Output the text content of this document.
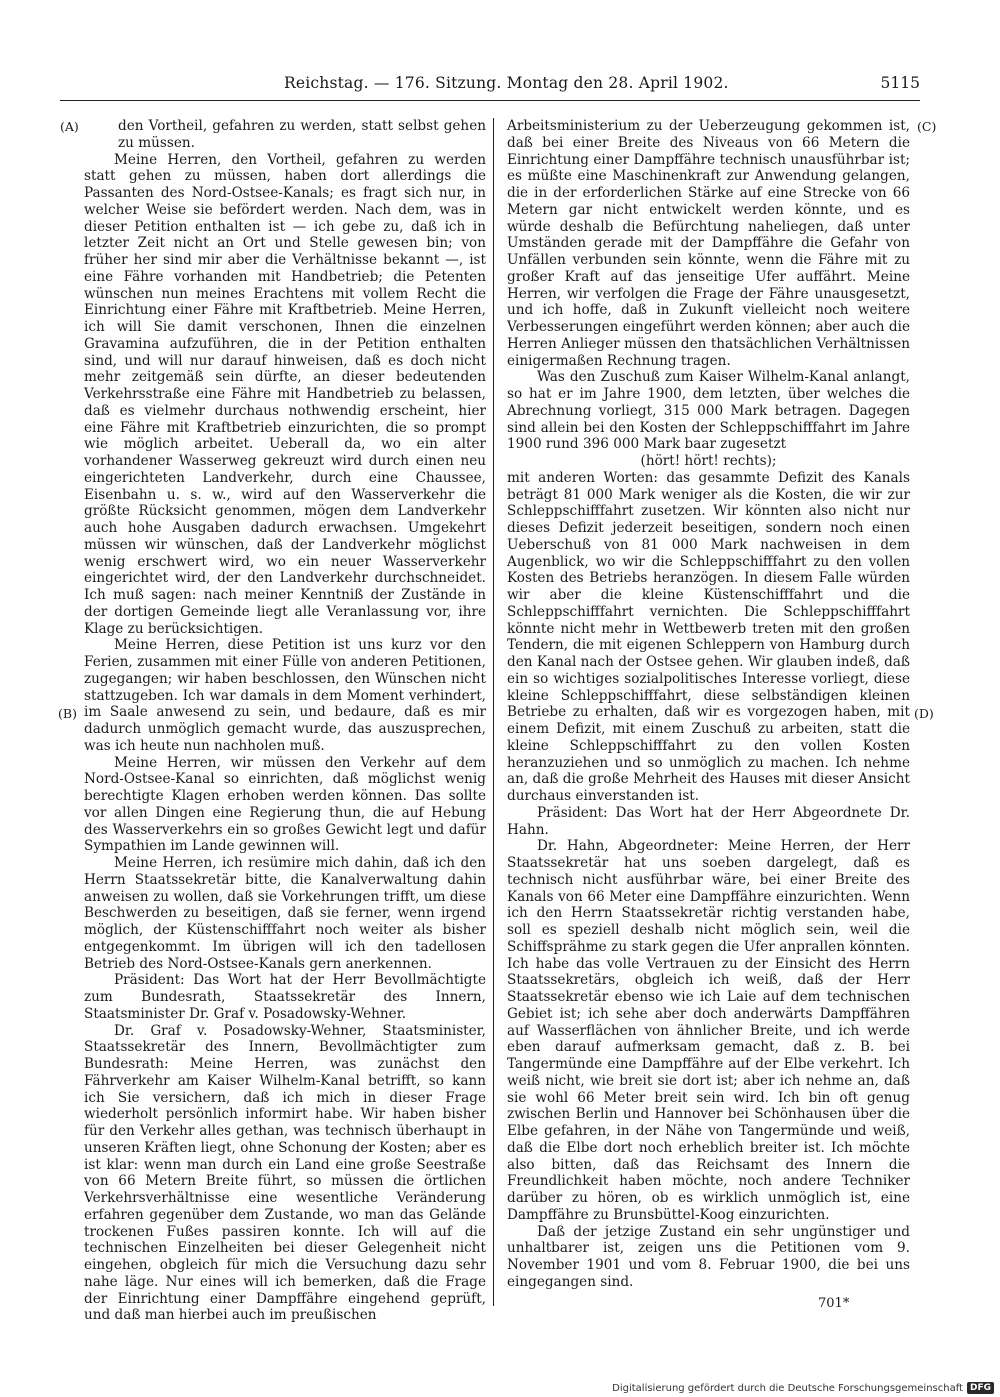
Reichstag. — 176. Sitzung. Montag den 28. April 1902.	5115
(A)
(B)
(C)
(D)

den Vortheil, gefahren zu werden, statt selbst gehen zu müssen.

Meine Herren, den Vortheil, gefahren zu werden statt gehen zu müssen, haben dort allerdings die Passanten des Nord-Ostsee-Kanals; es fragt sich nur, in welcher Weise sie befördert werden. Nach dem, was in dieser Petition enthalten ist — ich gebe zu, daß ich in letzter Zeit nicht an Ort und Stelle gewesen bin; von früher her sind mir aber die Verhältnisse bekannt —, ist eine Fähre vorhanden mit Handbetrieb; die Petenten wünschen nun meines Erachtens mit vollem Recht die Einrichtung einer Fähre mit Kraftbetrieb. Meine Herren, ich will Sie damit verschonen, Ihnen die einzelnen Gravamina aufzuführen, die in der Petition enthalten sind, und will nur darauf hinweisen, daß es doch nicht mehr zeitgemäß sein dürfte, an dieser bedeutenden Verkehrsstraße eine Fähre mit Handbetrieb zu belassen, daß es vielmehr durchaus nothwendig erscheint, hier eine Fähre mit Kraftbetrieb einzurichten, die so prompt wie möglich arbeitet. Ueberall da, wo ein alter vorhandener Wasserweg gekreuzt wird durch einen neu eingerichteten Landverkehr, durch eine Chaussee, Eisenbahn u. s. w., wird auf den Wasserverkehr die größte Rücksicht genommen, mögen dem Landverkehr auch hohe Ausgaben dadurch erwachsen. Umgekehrt müssen wir wünschen, daß der Landverkehr möglichst wenig erschwert wird, wo ein neuer Wasserverkehr eingerichtet wird, der den Landverkehr durchschneidet. Ich muß sagen: nach meiner Kenntniß der Zustände in der dortigen Gemeinde liegt alle Veranlassung vor, ihre Klage zu berücksichtigen.

Meine Herren, diese Petition ist uns kurz vor den Ferien, zusammen mit einer Fülle von anderen Petitionen, zugegangen; wir haben beschlossen, den Wünschen nicht stattzugeben. Ich war damals in dem Moment verhindert, im Saale anwesend zu sein, und bedaure, daß es mir dadurch unmöglich gemacht wurde, das auszusprechen, was ich heute nun nachholen muß.

Meine Herren, wir müssen den Verkehr auf dem Nord-Ostsee-Kanal so einrichten, daß möglichst wenig berechtigte Klagen erhoben werden können. Das sollte vor allen Dingen eine Regierung thun, die auf Hebung des Wasserverkehrs ein so großes Gewicht legt und dafür Sympathien im Lande gewinnen will.

Meine Herren, ich resümire mich dahin, daß ich den Herrn Staatssekretär bitte, die Kanalverwaltung dahin anweisen zu wollen, daß sie Vorkehrungen trifft, um diese Beschwerden zu beseitigen, daß sie ferner, wenn irgend möglich, der Küstenschifffahrt noch weiter als bisher entgegenkommt. Im übrigen will ich den tadellosen Betrieb des Nord-Ostsee-Kanals gern anerkennen.

Präsident: Das Wort hat der Herr Bevollmächtigte zum Bundesrath, Staatssekretär des Innern, Staatsminister Dr. Graf v. Posadowsky-Wehner.

Dr. Graf v. Posadowsky-Wehner, Staatsminister, Staatssekretär des Innern, Bevollmächtigter zum Bundesrath: Meine Herren, was zunächst den Fährverkehr am Kaiser Wilhelm-Kanal betrifft, so kann ich Sie versichern, daß ich mich in dieser Frage wiederholt persönlich informirt habe. Wir haben bisher für den Verkehr alles gethan, was technisch überhaupt in unseren Kräften liegt, ohne Schonung der Kosten; aber es ist klar: wenn man durch ein Land eine große Seestraße von 66 Metern Breite führt, so müssen die örtlichen Verkehrsverhältnisse eine wesentliche Veränderung erfahren gegenüber dem Zustande, wo man das Gelände trockenen Fußes passiren konnte. Ich will auf die technischen Einzelheiten bei dieser Gelegenheit nicht eingehen, obgleich für mich die Versuchung dazu sehr nahe läge. Nur eines will ich bemerken, daß die Frage der Einrichtung einer Dampffähre eingehend geprüft, und daß man hierbei auch im preußischen

Arbeitsministerium zu der Ueberzeugung gekommen ist, daß bei einer Breite des Niveaus von 66 Metern die Einrichtung einer Dampffähre technisch unausführbar ist; es müßte eine Maschinenkraft zur Anwendung gelangen, die in der erforderlichen Stärke auf eine Strecke von 66 Metern gar nicht entwickelt werden könnte, und es würde deshalb die Befürchtung naheliegen, daß unter Umständen gerade mit der Dampffähre die Gefahr von Unfällen verbunden sein könnte, wenn die Fähre mit zu großer Kraft auf das jenseitige Ufer auffährt. Meine Herren, wir verfolgen die Frage der Fähre unausgesetzt, und ich hoffe, daß in Zukunft vielleicht noch weitere Verbesserungen eingeführt werden können; aber auch die Herren Anlieger müssen den thatsächlichen Verhältnissen einigermaßen Rechnung tragen.

Was den Zuschuß zum Kaiser Wilhelm-Kanal anlangt, so hat er im Jahre 1900, dem letzten, über welches die Abrechnung vorliegt, 315 000 Mark betragen. Dagegen sind allein bei den Kosten der Schleppschifffahrt im Jahre 1900 rund 396 000 Mark baar zugesetzt

(hört! hört! rechts);

mit anderen Worten: das gesammte Defizit des Kanals beträgt 81 000 Mark weniger als die Kosten, die wir zur Schleppschifffahrt zusetzen. Wir könnten also nicht nur dieses Defizit jederzeit beseitigen, sondern noch einen Ueberschuß von 81 000 Mark nachweisen in dem Augenblick, wo wir die Schleppschifffahrt zu den vollen Kosten des Betriebs heranzögen. In diesem Falle würden wir aber die kleine Küstenschifffahrt und die Schleppschifffahrt vernichten. Die Schleppschifffahrt könnte nicht mehr in Wettbewerb treten mit den großen Tendern, die mit eigenen Schleppern von Hamburg durch den Kanal nach der Ostsee gehen. Wir glauben indeß, daß ein so wichtiges sozialpolitisches Interesse vorliegt, diese kleine Schleppschifffahrt, diese selbständigen kleinen Betriebe zu erhalten, daß wir es vorgezogen haben, mit einem Defizit, mit einem Zuschuß zu arbeiten, statt die kleine Schleppschifffahrt zu den vollen Kosten heranzuziehen und so unmöglich zu machen. Ich nehme an, daß die große Mehrheit des Hauses mit dieser Ansicht durchaus einverstanden ist.

Präsident: Das Wort hat der Herr Abgeordnete Dr. Hahn.

Dr. Hahn, Abgeordneter: Meine Herren, der Herr Staatssekretär hat uns soeben dargelegt, daß es technisch nicht ausführbar wäre, bei einer Breite des Kanals von 66 Meter eine Dampffähre einzurichten. Wenn ich den Herrn Staatssekretär richtig verstanden habe, soll es speziell deshalb nicht möglich sein, weil die Schiffsprähme zu stark gegen die Ufer anprallen könnten. Ich habe das volle Vertrauen zu der Einsicht des Herrn Staatssekretärs, obgleich ich weiß, daß der Herr Staatssekretär ebenso wie ich Laie auf dem technischen Gebiet ist; ich sehe aber doch anderwärts Dampffähren auf Wasserflächen von ähnlicher Breite, und ich werde eben darauf aufmerksam gemacht, daß z. B. bei Tangermünde eine Dampffähre auf der Elbe verkehrt. Ich weiß nicht, wie breit sie dort ist; aber ich nehme an, daß sie wohl 66 Meter breit sein wird. Ich bin oft genug zwischen Berlin und Hannover bei Schönhausen über die Elbe gefahren, in der Nähe von Tangermünde und weiß, daß die Elbe dort noch erheblich breiter ist. Ich möchte also bitten, daß das Reichsamt des Innern die Freundlichkeit haben möchte, noch andere Techniker darüber zu hören, ob es wirklich unmöglich ist, eine Dampffähre zu Brunsbüttel-Koog einzurichten.

Daß der jetzige Zustand ein sehr ungünstiger und unhaltbarer ist, zeigen uns die Petitionen vom 9. November 1901 und vom 8. Februar 1900, die bei uns eingegangen sind.

701*
Digitalisierung gefördert durch die Deutsche Forschungsgemeinschaft DFG
